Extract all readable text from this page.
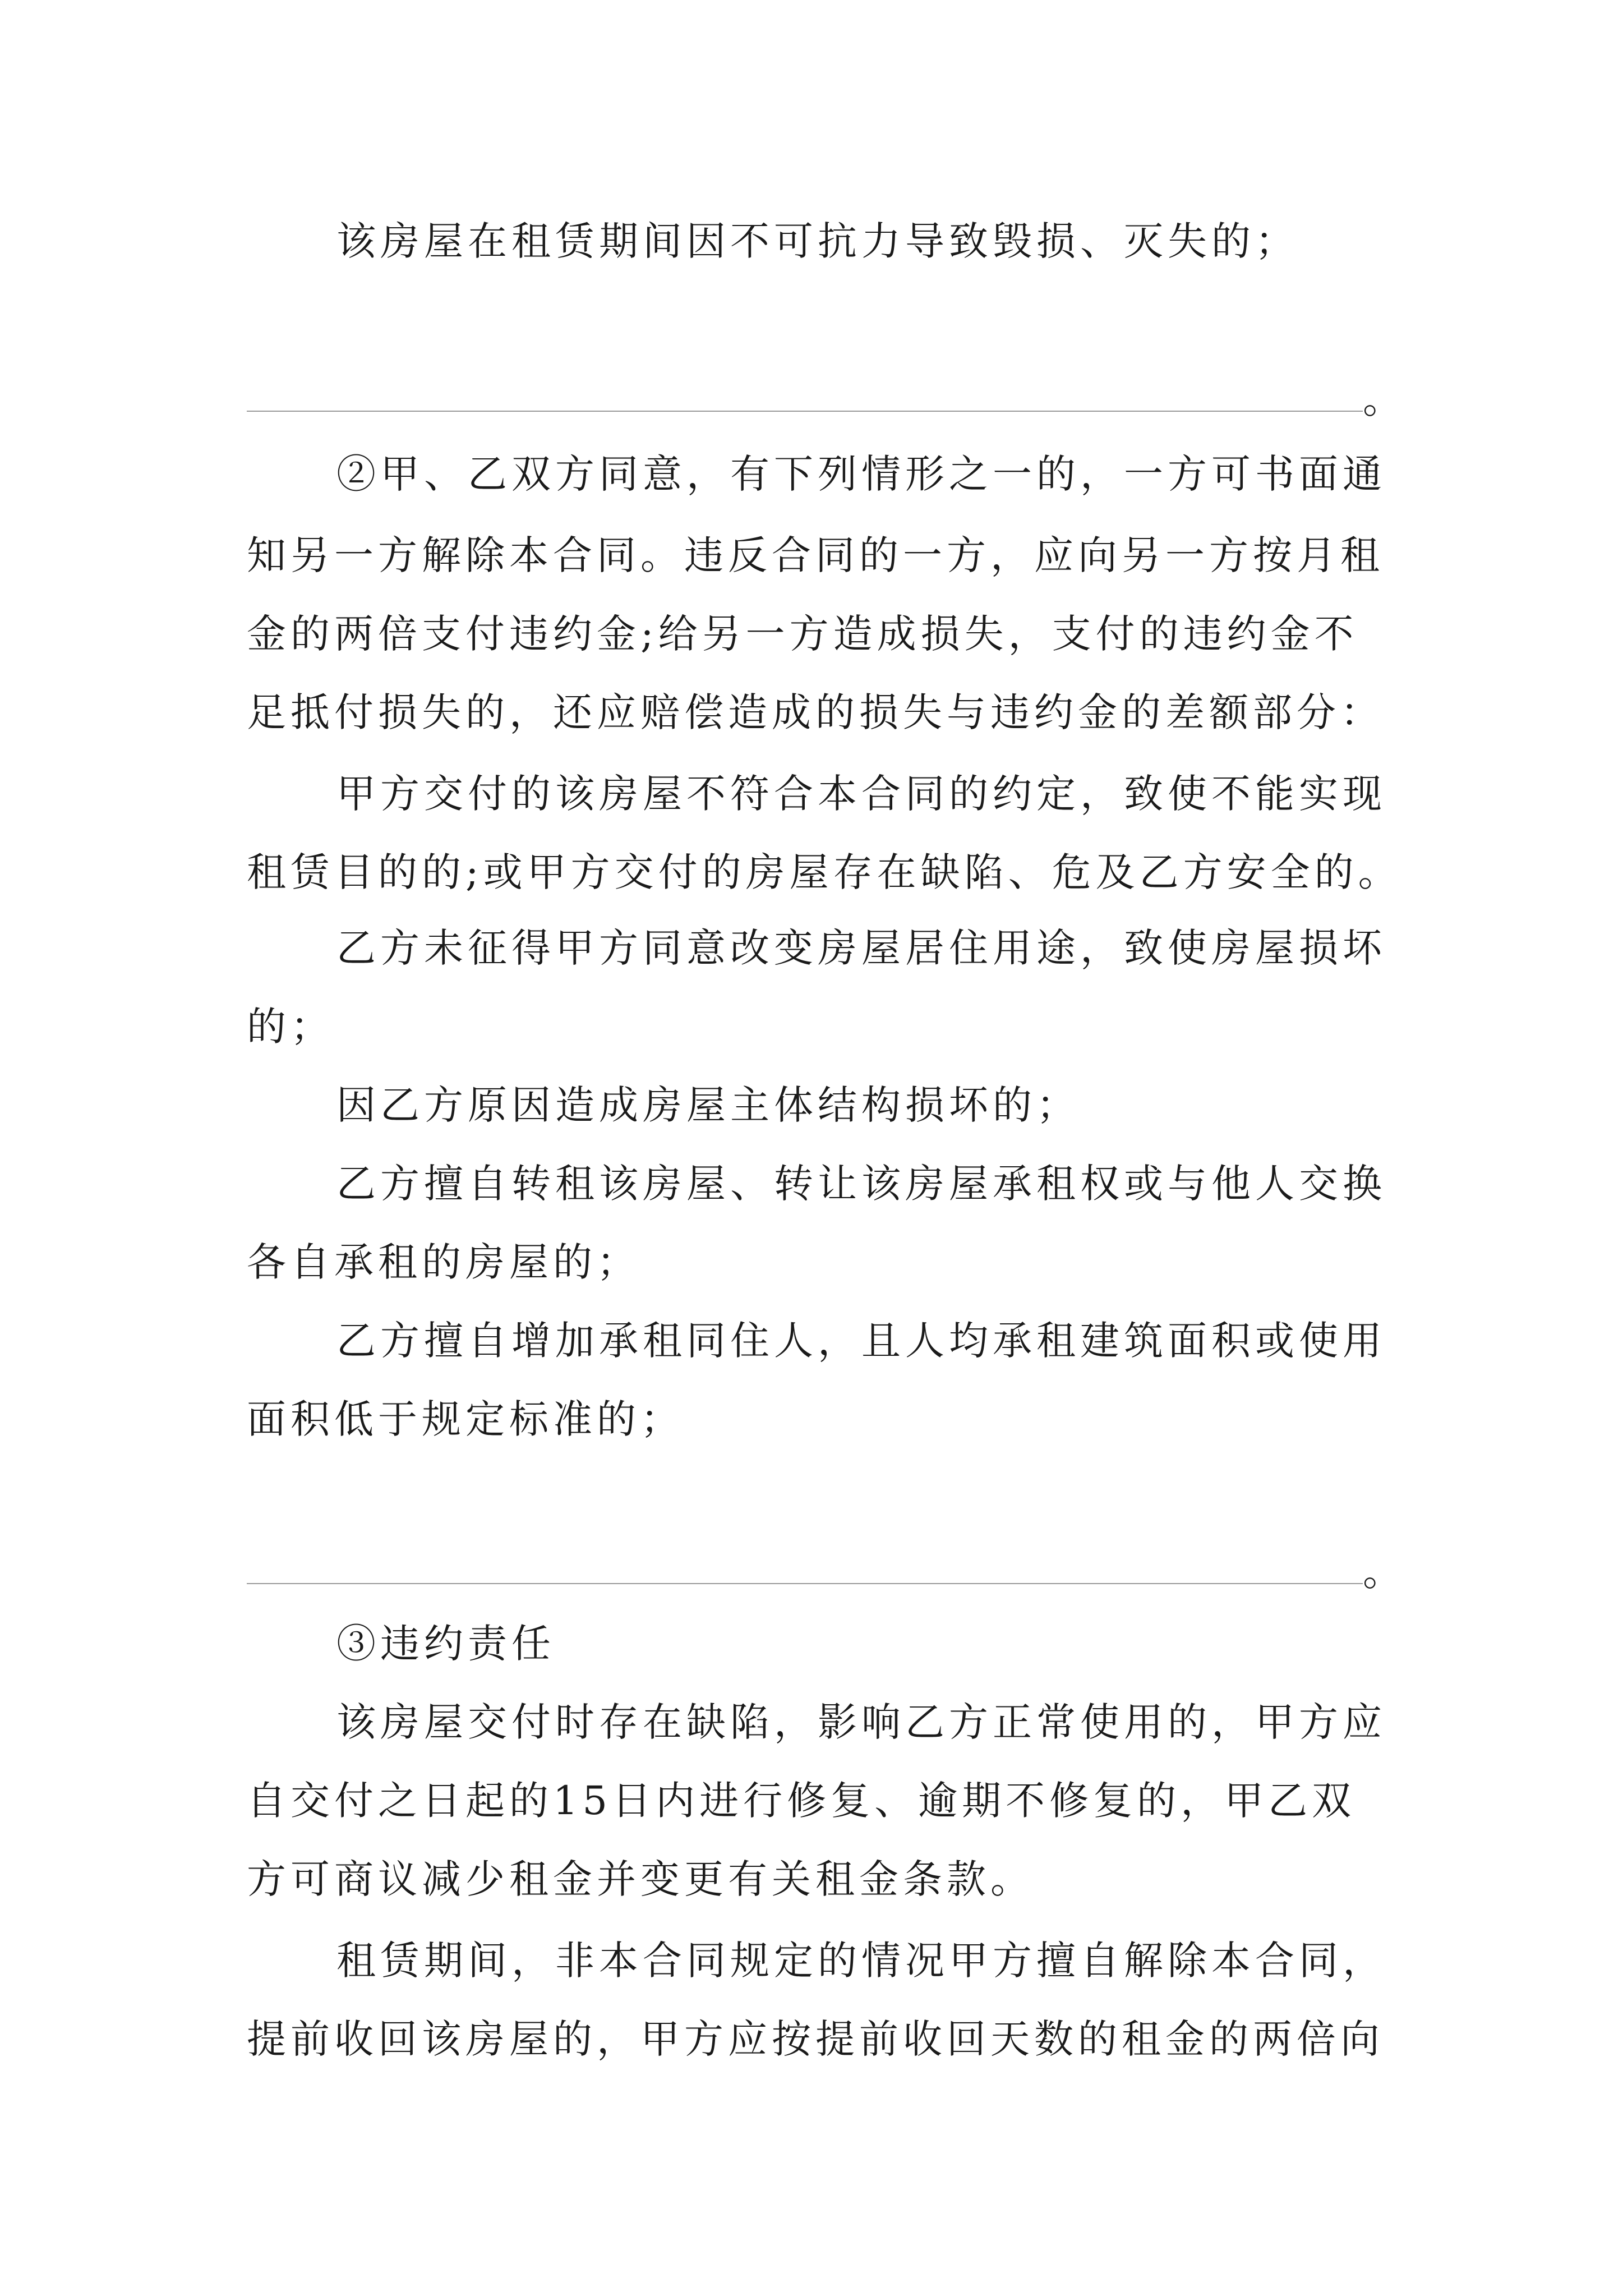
该房屋在租赁期间因不可抗力导致毁损、灭失的；
。
②甲、乙双方同意，有下列情形之一的，一方可书面通
知另一方解除本合同。违反合同的一方，应向另一方按月租
金的两倍支付违约金;给另一方造成损失，支付的违约金不
足抵付损失的，还应赔偿造成的损失与违约金的差额部分：
甲方交付的该房屋不符合本合同的约定，致使不能实现
租赁目的的;或甲方交付的房屋存在缺陷、危及乙方安全的。
乙方未征得甲方同意改变房屋居住用途，致使房屋损坏
的；
因乙方原因造成房屋主体结构损坏的；
乙方擅自转租该房屋、转让该房屋承租权或与他人交换
各自承租的房屋的；
乙方擅自增加承租同住人，且人均承租建筑面积或使用
面积低于规定标准的；
。
③违约责任
该房屋交付时存在缺陷，影响乙方正常使用的，甲方应
自交付之日起的15日内进行修复、逾期不修复的，甲乙双
方可商议减少租金并变更有关租金条款。
租赁期间，非本合同规定的情况甲方擅自解除本合同，
提前收回该房屋的，甲方应按提前收回天数的租金的两倍向
